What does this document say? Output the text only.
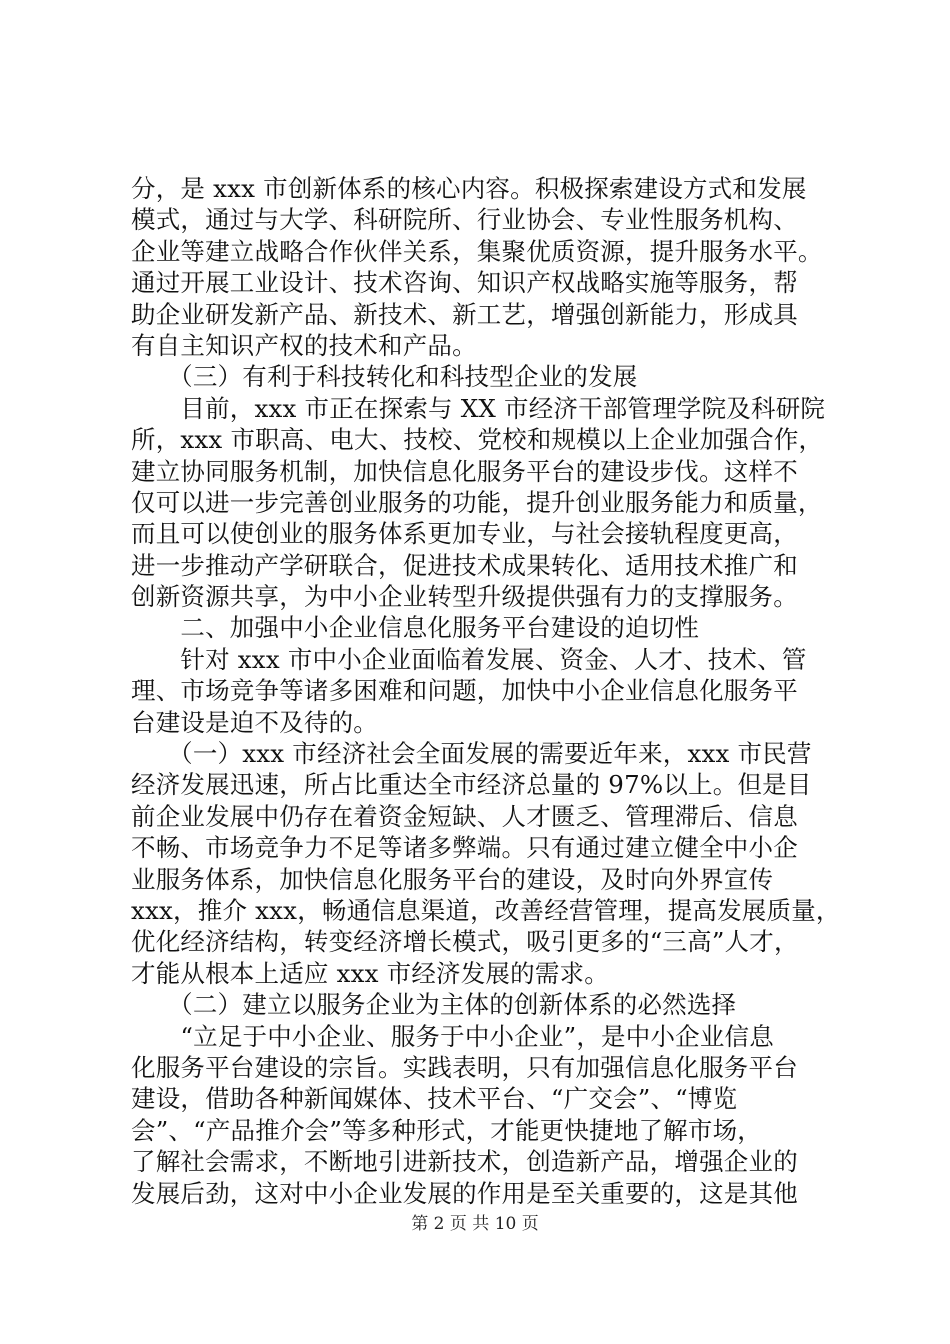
分，是 xxx 市创新体系的核心内容。积极探索建设方式和发展
模式，通过与大学、科研院所、行业协会、专业性服务机构、
企业等建立战略合作伙伴关系，集聚优质资源，提升服务水平。
通过开展工业设计、技术咨询、知识产权战略实施等服务，帮
助企业研发新产品、新技术、新工艺，增强创新能力，形成具
有自主知识产权的技术和产品。
　　（三）有利于科技转化和科技型企业的发展
　　目前，xxx 市正在探索与 XX 市经济干部管理学院及科研院
所，xxx 市职高、电大、技校、党校和规模以上企业加强合作，
建立协同服务机制，加快信息化服务平台的建设步伐。这样不
仅可以进一步完善创业服务的功能，提升创业服务能力和质量，
而且可以使创业的服务体系更加专业，与社会接轨程度更高，
进一步推动产学研联合，促进技术成果转化、适用技术推广和
创新资源共享，为中小企业转型升级提供强有力的支撑服务。
　　二、加强中小企业信息化服务平台建设的迫切性
　　针对 xxx 市中小企业面临着发展、资金、人才、技术、管
理、市场竞争等诸多困难和问题，加快中小企业信息化服务平
台建设是迫不及待的。
　　（一）xxx 市经济社会全面发展的需要近年来，xxx 市民营
经济发展迅速，所占比重达全市经济总量的 97%以上。但是目
前企业发展中仍存在着资金短缺、人才匮乏、管理滞后、信息
不畅、市场竞争力不足等诸多弊端。只有通过建立健全中小企
业服务体系，加快信息化服务平台的建设，及时向外界宣传
xxx，推介 xxx，畅通信息渠道，改善经营管理，提高发展质量，
优化经济结构，转变经济增长模式，吸引更多的“三高”人才，
才能从根本上适应 xxx 市经济发展的需求。
　　（二）建立以服务企业为主体的创新体系的必然选择
　　“立足于中小企业、服务于中小企业”，是中小企业信息
化服务平台建设的宗旨。实践表明，只有加强信息化服务平台
建设，借助各种新闻媒体、技术平台、“广交会”、“博览
会”、“产品推介会”等多种形式，才能更快捷地了解市场，
了解社会需求，不断地引进新技术，创造新产品，增强企业的
发展后劲，这对中小企业发展的作用是至关重要的，这是其他
第 2 页 共 10 页
